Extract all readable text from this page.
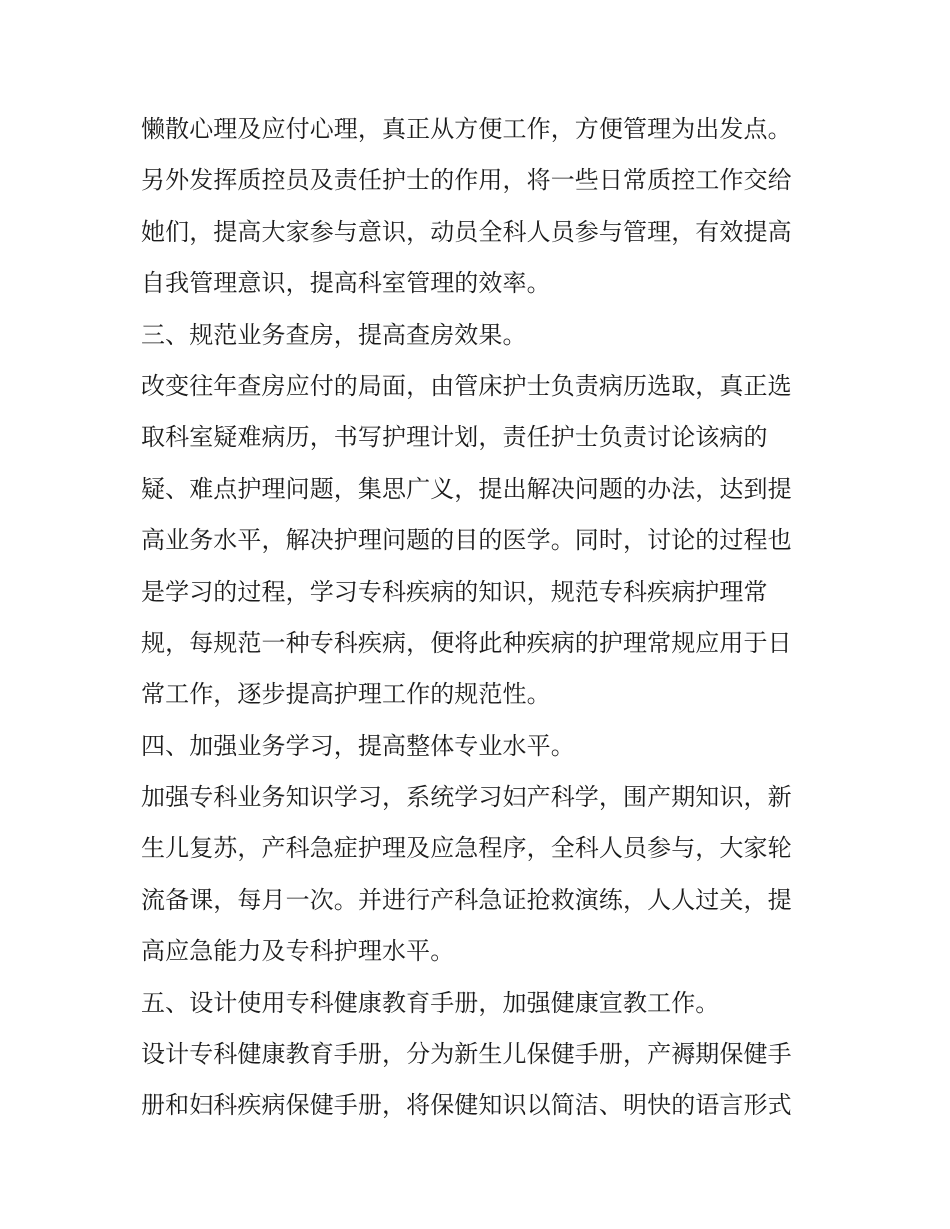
懒散心理及应付心理，真正从方便工作，方便管理为出发点。
另外发挥质控员及责任护士的作用，将一些日常质控工作交给
她们，提高大家参与意识，动员全科人员参与管理，有效提高
自我管理意识，提高科室管理的效率。
三、规范业务查房，提高查房效果。
改变往年查房应付的局面，由管床护士负责病历选取，真正选
取科室疑难病历，书写护理计划，责任护士负责讨论该病的
疑、难点护理问题，集思广义，提出解决问题的办法，达到提
高业务水平，解决护理问题的目的医学。同时，讨论的过程也
是学习的过程，学习专科疾病的知识，规范专科疾病护理常
规，每规范一种专科疾病，便将此种疾病的护理常规应用于日
常工作，逐步提高护理工作的规范性。
四、加强业务学习，提高整体专业水平。
加强专科业务知识学习，系统学习妇产科学，围产期知识，新
生儿复苏，产科急症护理及应急程序，全科人员参与，大家轮
流备课，每月一次。并进行产科急证抢救演练，人人过关，提
高应急能力及专科护理水平。
五、设计使用专科健康教育手册，加强健康宣教工作。
设计专科健康教育手册，分为新生儿保健手册，产褥期保健手
册和妇科疾病保健手册，将保健知识以简洁、明快的语言形式
